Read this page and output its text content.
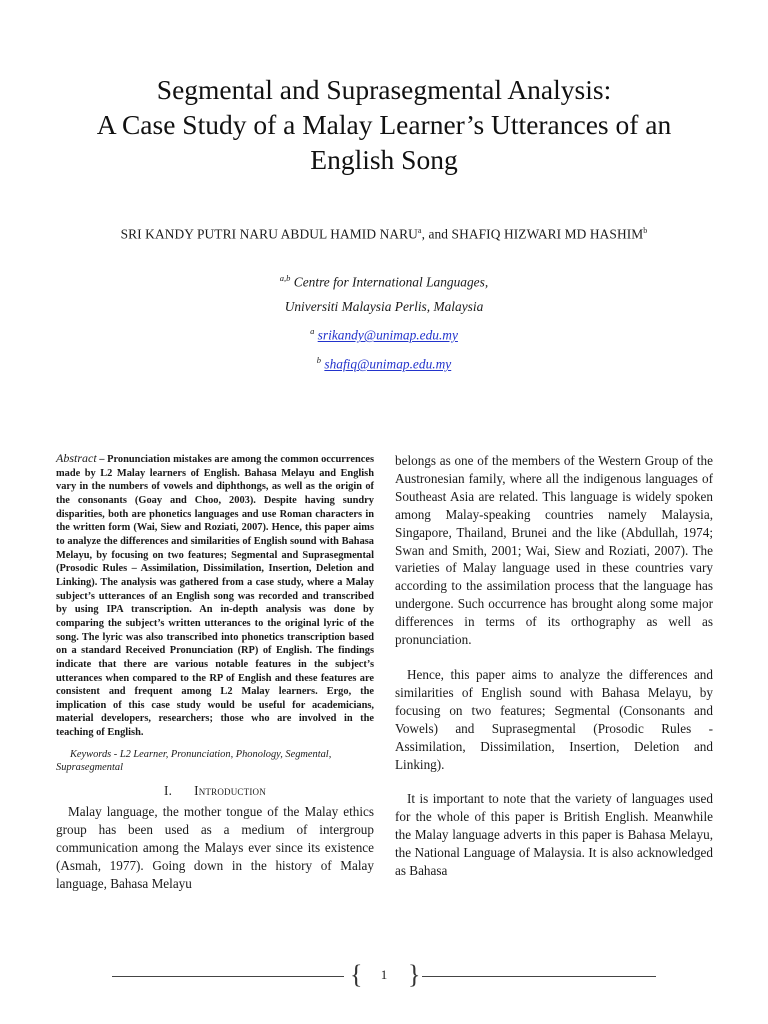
Segmental and Suprasegmental Analysis:
A Case Study of a Malay Learner’s Utterances of an
English Song
SRI KANDY PUTRI NARU ABDUL HAMID NARU$^a$, and SHAFIQ HIZWARI MD HASHIM$^b$
$^{a,b}$ Centre for International Languages,
Universiti Malaysia Perlis, Malaysia
$^a$ srikandy@unimap.edu.my
$^b$ shafiq@unimap.edu.my

Abstract – Pronunciation mistakes are among the common occurrences made by L2 Malay learners of English. Bahasa Melayu and English vary in the numbers of vowels and diphthongs, as well as the origin of the consonants (Goay and Choo, 2003). Despite having sundry disparities, both are phonetics languages and use Roman characters in the written form (Wai, Siew and Roziati, 2007). Hence, this paper aims to analyze the differences and similarities of English sound with Bahasa Melayu, by focusing on two features; Segmental and Suprasegmental (Prosodic Rules – Assimilation, Dissimilation, Insertion, Deletion and Linking). The analysis was gathered from a case study, where a Malay subject’s utterances of an English song was recorded and transcribed by using IPA transcription. An in-depth analysis was done by comparing the subject’s written utterances to the original lyric of the song. The lyric was also transcribed into phonetics transcription based on a standard Received Pronunciation (RP) of English. The findings indicate that there are various notable features in the subject’s utterances when compared to the RP of English and these features are consistent and frequent among L2 Malay learners. Ergo, the implication of this case study would be useful for academicians, material developers, researchers; those who are involved in the teaching of English.

Keywords - L2 Learner, Pronunciation, Phonology, Segmental, Suprasegmental

I. Introduction

Malay language, the mother tongue of the Malay ethics group has been used as a medium of intergroup communication among the Malays ever since its existence (Asmah, 1977). Going down in the history of Malay language, Bahasa Melayu

belongs as one of the members of the Western Group of the Austronesian family, where all the indigenous languages of Southeast Asia are related. This language is widely spoken among Malay-speaking countries namely Malaysia, Singapore, Thailand, Brunei and the like (Abdullah, 1974; Swan and Smith, 2001; Wai, Siew and Roziati, 2007). The varieties of Malay language used in these countries vary according to the assimilation process that the language has undergone. Such occurrence has brought along some major differences in terms of its orthography as well as pronunciation.

Hence, this paper aims to analyze the differences and similarities of English sound with Bahasa Melayu, by focusing on two features; Segmental (Consonants and Vowels) and Suprasegmental (Prosodic Rules - Assimilation, Dissimilation, Insertion, Deletion and Linking).

It is important to note that the variety of languages used for the whole of this paper is British English. Meanwhile the Malay language adverts in this paper is Bahasa Melayu, the National Language of Malaysia. It is also acknowledged as Bahasa

{	1 }
